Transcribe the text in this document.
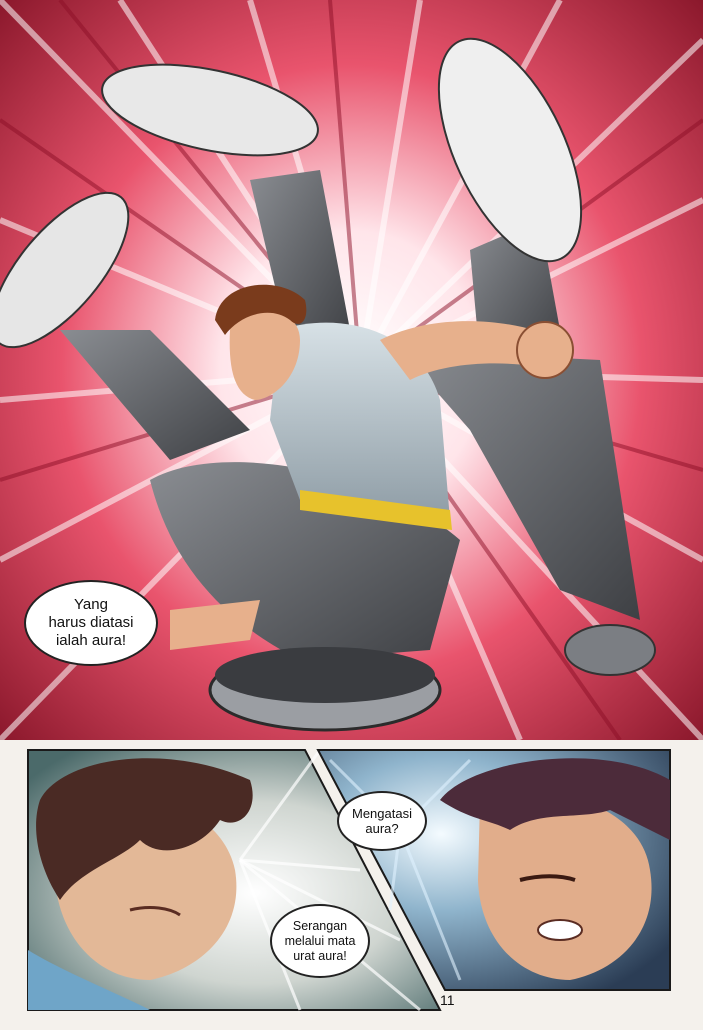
Yang
harus diatasi
ialah aura!
Mengatasi
aura?
Serangan
melalui mata
urat aura!
11
